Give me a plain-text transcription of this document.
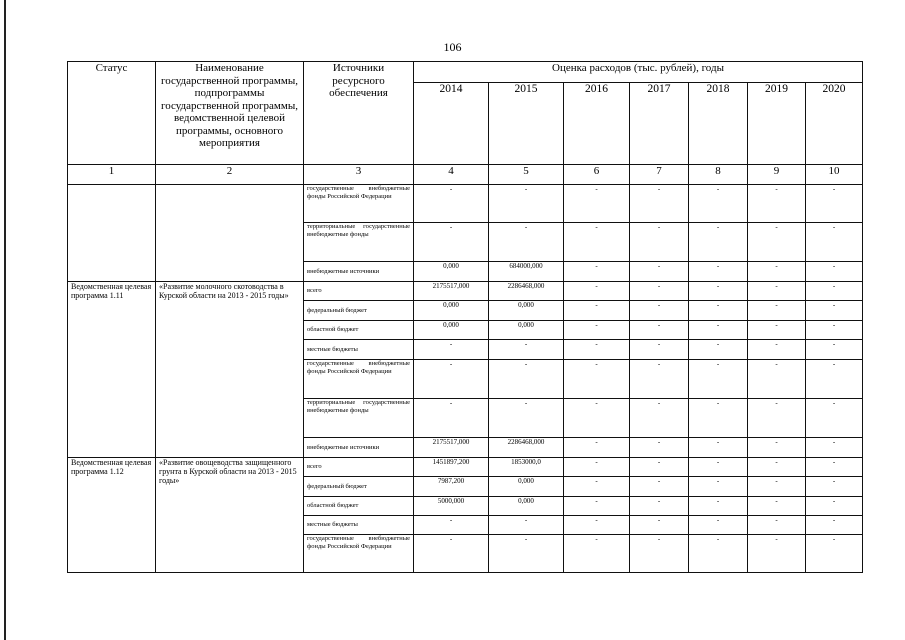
106
Статус	Наименование государственной программы, подпрограммы государственной программы, ведомственной целевой программы, основного мероприятия	Источники ресурсного обеспечения	Оценка расходов (тыс. рублей), годы						
			2014	2015	2016	2017	2018	2019	2020
1	2	3	4	5	6	7	8	9	10
		государственные внебюджетные фонды Российской Федерации	-	-	-	-	-	-	-
		территориальные государственные внебюджетные фонды	-	-	-	-	-	-	-
		внебюджетные источники	0,000	684000,000	-	-	-	-	-
Ведомственная целевая программа 1.11	«Развитие молочного скотоводства в Курской области на 2013 - 2015 годы»	всего	2175517,000	2286468,000	-	-	-	-	-
		федеральный бюджет	0,000	0,000	-	-	-	-	-
		областной бюджет	0,000	0,000	-	-	-	-	-
		местные бюджеты	-	-	-	-	-	-	-
		государственные внебюджетные фонды Российской Федерации	-	-	-	-	-	-	-
		территориальные государственные внебюджетные фонды	-	-	-	-	-	-	-
		внебюджетные источники	2175517,000	2286468,000	-	-	-	-	-
Ведомственная целевая программа 1.12	«Развитие овощеводства защищенного грунта в Курской области на 2013 - 2015 годы»	всего	1451897,200	1853000,0	-	-	-	-	-
		федеральный бюджет	7987,200	0,000	-	-	-	-	-
		областной бюджет	5000,000	0,000	-	-	-	-	-
		местные бюджеты	-	-	-	-	-	-	-
		государственные внебюджетные фонды Российской Федерации	-	-	-	-	-	-	-
